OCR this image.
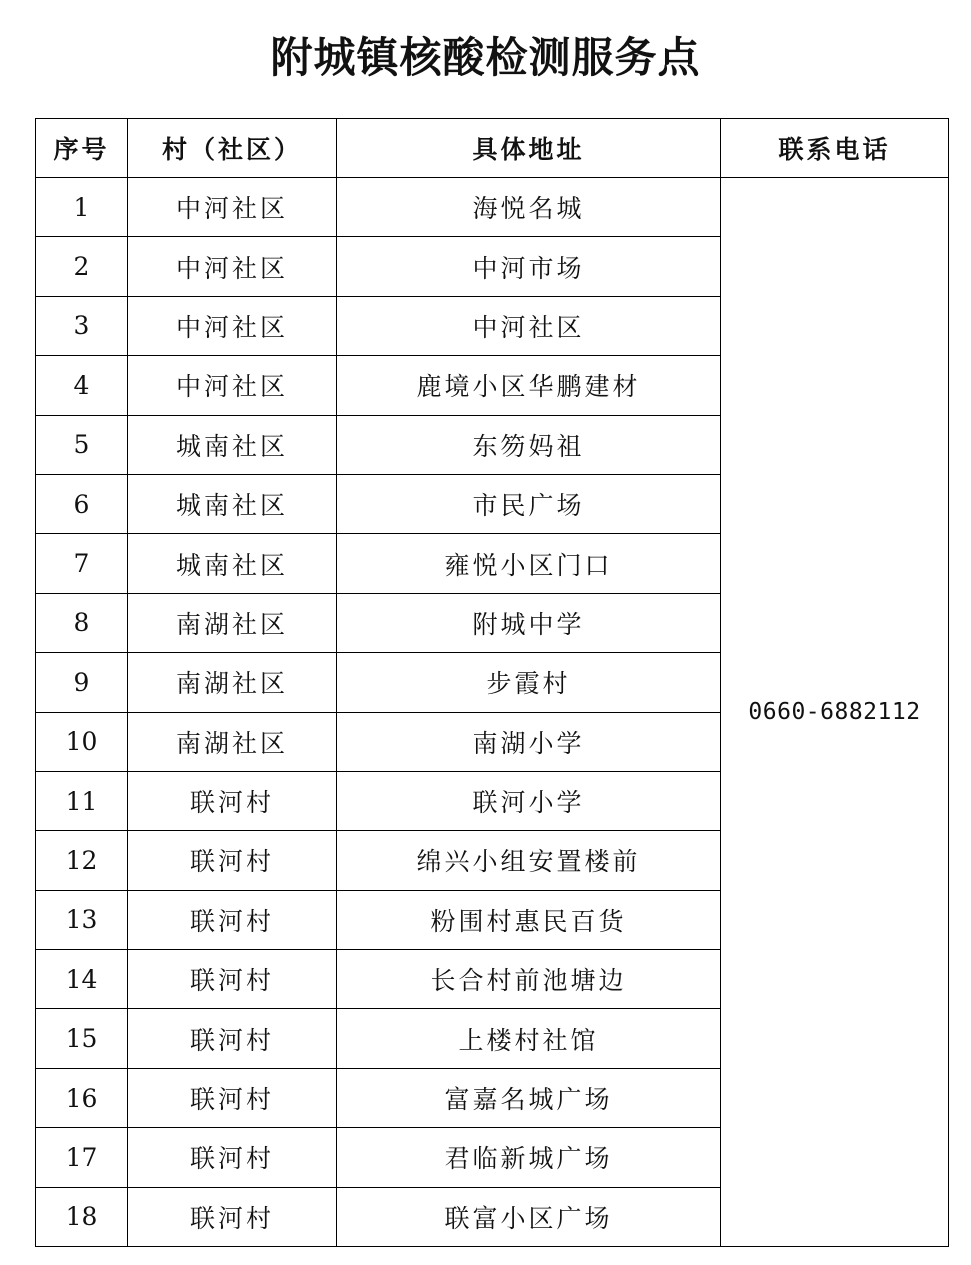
附城镇核酸检测服务点
序号	村（社区）	具体地址	联系电话
1	中河社区	海悦名城	0660-6882112
2	中河社区	中河市场	
3	中河社区	中河社区	
4	中河社区	鹿境小区华鹏建材	
5	城南社区	东笏妈祖	
6	城南社区	市民广场	
7	城南社区	雍悦小区门口	
8	南湖社区	附城中学	
9	南湖社区	步霞村	
10	南湖社区	南湖小学	
11	联河村	联河小学	
12	联河村	绵兴小组安置楼前	
13	联河村	粉围村惠民百货	
14	联河村	长合村前池塘边	
15	联河村	上楼村社馆	
16	联河村	富嘉名城广场	
17	联河村	君临新城广场	
18	联河村	联富小区广场	
